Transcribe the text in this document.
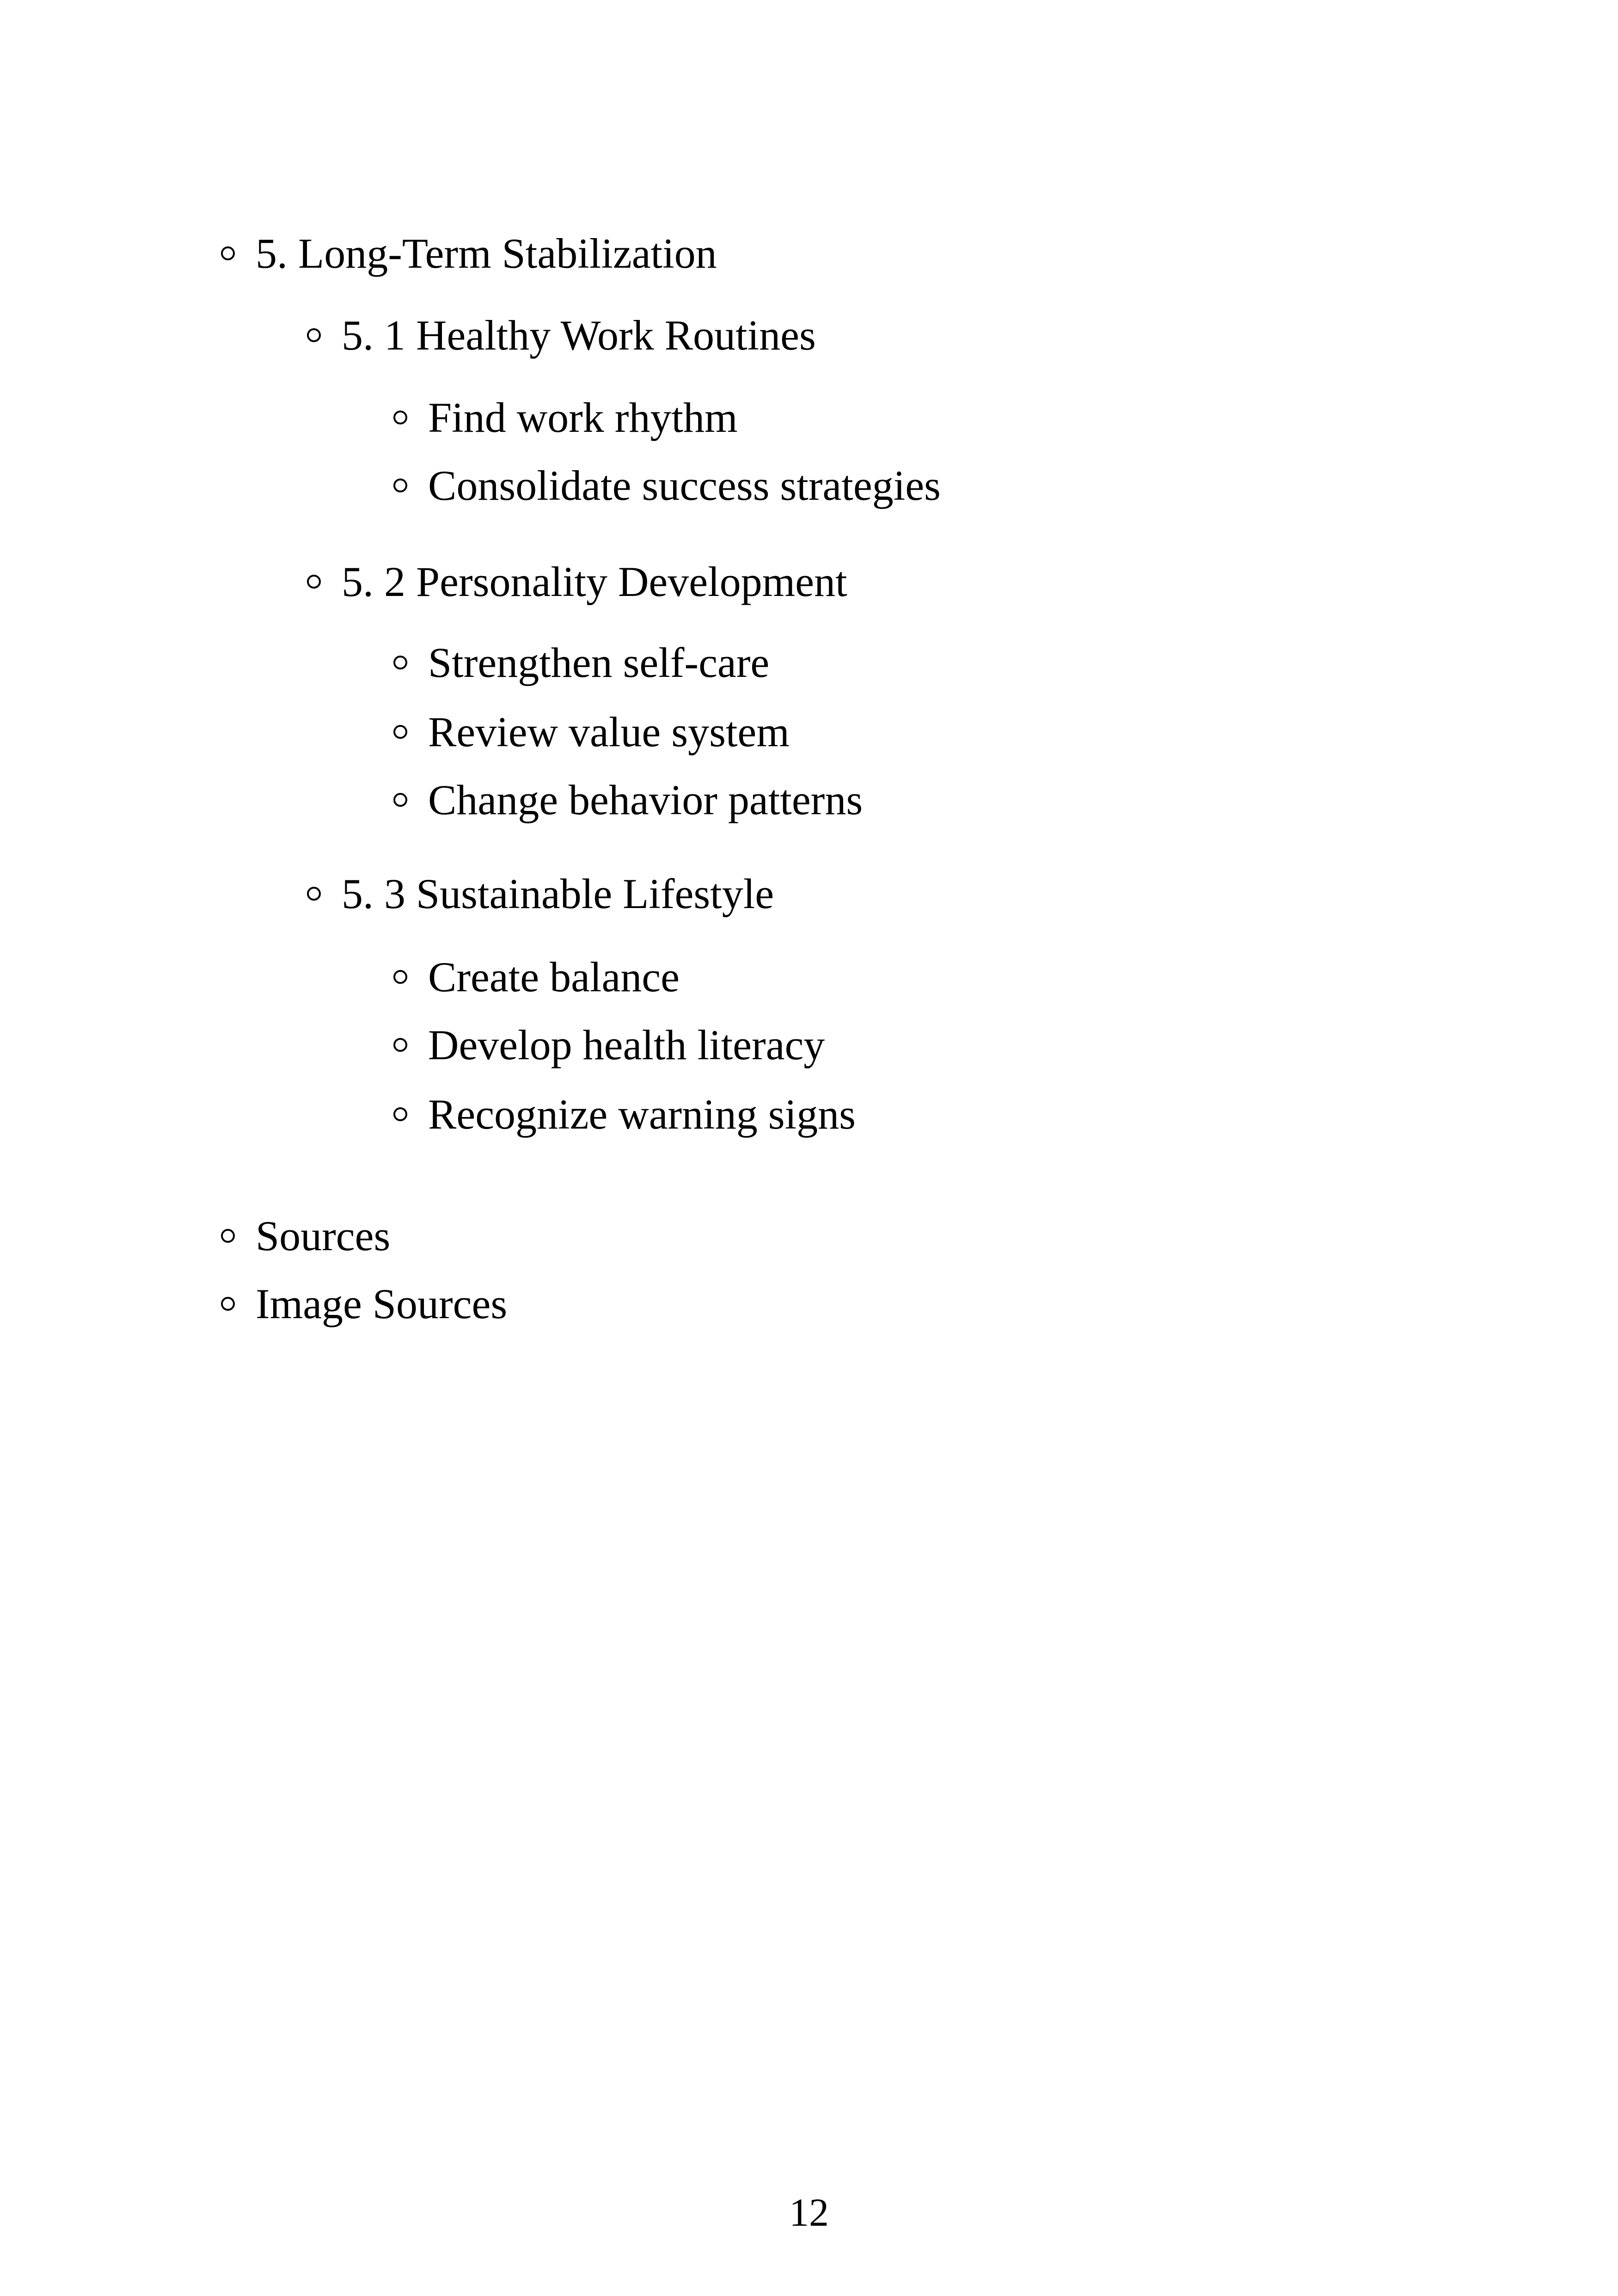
5. Long-Term Stabilization
5. 1 Healthy Work Routines
Find work rhythm
Consolidate success strategies
5. 2 Personality Development
Strengthen self-care
Review value system
Change behavior patterns
5. 3 Sustainable Lifestyle
Create balance
Develop health literacy
Recognize warning signs
Sources
Image Sources
12
